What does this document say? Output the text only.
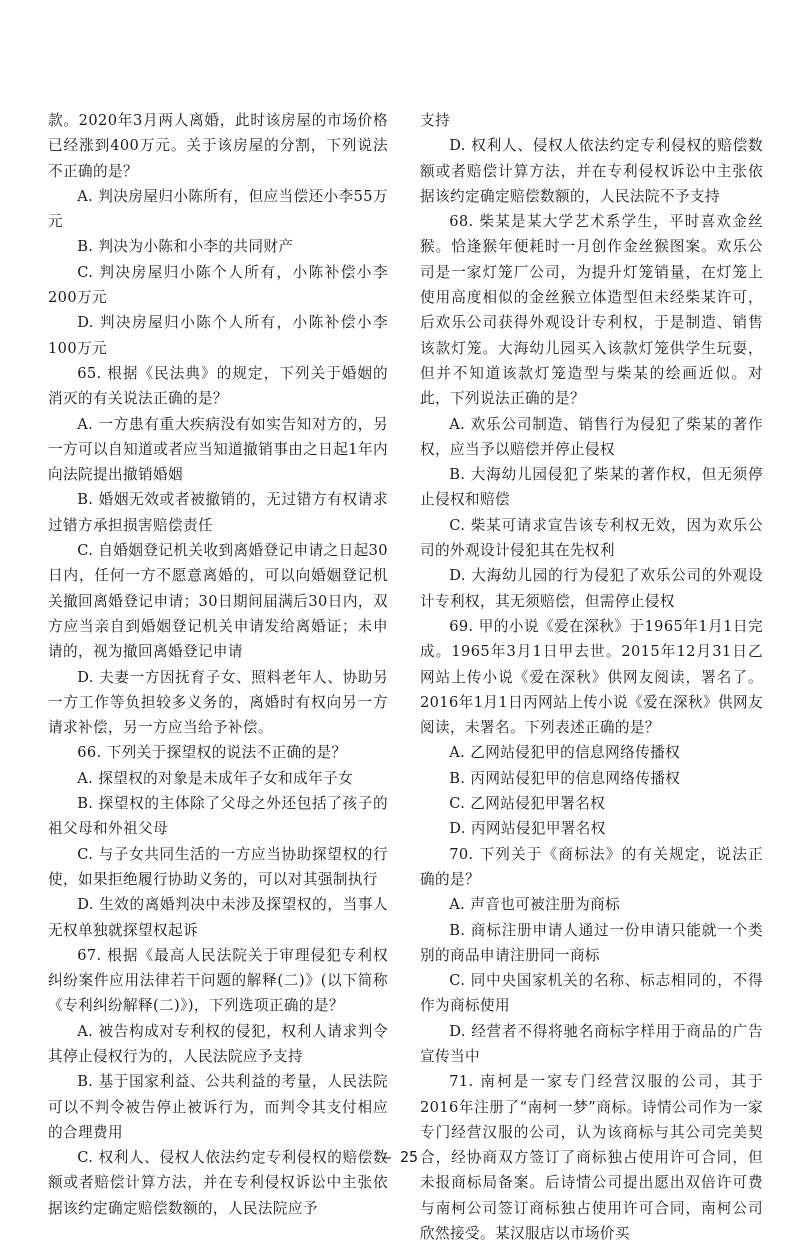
款。2020年3月两人离婚，此时该房屋的市场价格已经涨到400万元。关于该房屋的分割，下列说法不正确的是？

A. 判决房屋归小陈所有，但应当偿还小李55万元

B. 判决为小陈和小李的共同财产

C. 判决房屋归小陈个人所有，小陈补偿小李200万元

D. 判决房屋归小陈个人所有，小陈补偿小李100万元

65. 根据《民法典》的规定，下列关于婚姻的消灭的有关说法正确的是？

A. 一方患有重大疾病没有如实告知对方的，另一方可以自知道或者应当知道撤销事由之日起1年内向法院提出撤销婚姻

B. 婚姻无效或者被撤销的，无过错方有权请求过错方承担损害赔偿责任

C. 自婚姻登记机关收到离婚登记申请之日起30日内，任何一方不愿意离婚的，可以向婚姻登记机关撤回离婚登记申请；30日期间届满后30日内，双方应当亲自到婚姻登记机关申请发给离婚证；未申请的，视为撤回离婚登记申请

D. 夫妻一方因抚育子女、照料老年人、协助另一方工作等负担较多义务的，离婚时有权向另一方请求补偿，另一方应当给予补偿。

66. 下列关于探望权的说法不正确的是？

A. 探望权的对象是未成年子女和成年子女

B. 探望权的主体除了父母之外还包括了孩子的祖父母和外祖父母

C. 与子女共同生活的一方应当协助探望权的行使，如果拒绝履行协助义务的，可以对其强制执行

D. 生效的离婚判决中未涉及探望权的，当事人无权单独就探望权起诉

67. 根据《最高人民法院关于审理侵犯专利权纠纷案件应用法律若干问题的解释(二)》(以下简称《专利纠纷解释(二)》)，下列选项正确的是？

A. 被告构成对专利权的侵犯，权利人请求判令其停止侵权行为的，人民法院应予支持

B. 基于国家利益、公共利益的考量，人民法院可以不判令被告停止被诉行为，而判令其支付相应的合理费用

C. 权利人、侵权人依法约定专利侵权的赔偿数额或者赔偿计算方法，并在专利侵权诉讼中主张依据该约定确定赔偿数额的，人民法院应予

支持

D. 权利人、侵权人依法约定专利侵权的赔偿数额或者赔偿计算方法，并在专利侵权诉讼中主张依据该约定确定赔偿数额的，人民法院不予支持

68. 柴某是某大学艺术系学生，平时喜欢金丝猴。恰逢猴年便耗时一月创作金丝猴图案。欢乐公司是一家灯笼厂公司，为提升灯笼销量，在灯笼上使用高度相似的金丝猴立体造型但未经柴某许可，后欢乐公司获得外观设计专利权，于是制造、销售该款灯笼。大海幼儿园买入该款灯笼供学生玩耍，但并不知道该款灯笼造型与柴某的绘画近似。对此，下列说法正确的是？

A. 欢乐公司制造、销售行为侵犯了柴某的著作权，应当予以赔偿并停止侵权

B. 大海幼儿园侵犯了柴某的著作权，但无须停止侵权和赔偿

C. 柴某可请求宣告该专利权无效，因为欢乐公司的外观设计侵犯其在先权利

D. 大海幼儿园的行为侵犯了欢乐公司的外观设计专利权，其无须赔偿，但需停止侵权

69. 甲的小说《爱在深秋》于1965年1月1日完成。1965年3月1日甲去世。2015年12月31日乙网站上传小说《爱在深秋》供网友阅读，署名了。2016年1月1日丙网站上传小说《爱在深秋》供网友阅读，未署名。下列表述正确的是？

A. 乙网站侵犯甲的信息网络传播权

B. 丙网站侵犯甲的信息网络传播权

C. 乙网站侵犯甲署名权

D. 丙网站侵犯甲署名权

70. 下列关于《商标法》的有关规定，说法正确的是？

A. 声音也可被注册为商标

B. 商标注册申请人通过一份申请只能就一个类别的商品申请注册同一商标

C. 同中央国家机关的名称、标志相同的，不得作为商标使用

D. 经营者不得将驰名商标字样用于商品的广告宣传当中

71. 南柯是一家专门经营汉服的公司，其于2016年注册了“南柯一梦”商标。诗情公司作为一家专门经营汉服的公司，认为该商标与其公司完美契合，经协商双方签订了商标独占使用许可合同，但未报商标局备案。后诗情公司提出愿出双倍许可费与南柯公司签订商标独占使用许可合同，南柯公司欣然接受。某汉服店以市场价买

— 25
